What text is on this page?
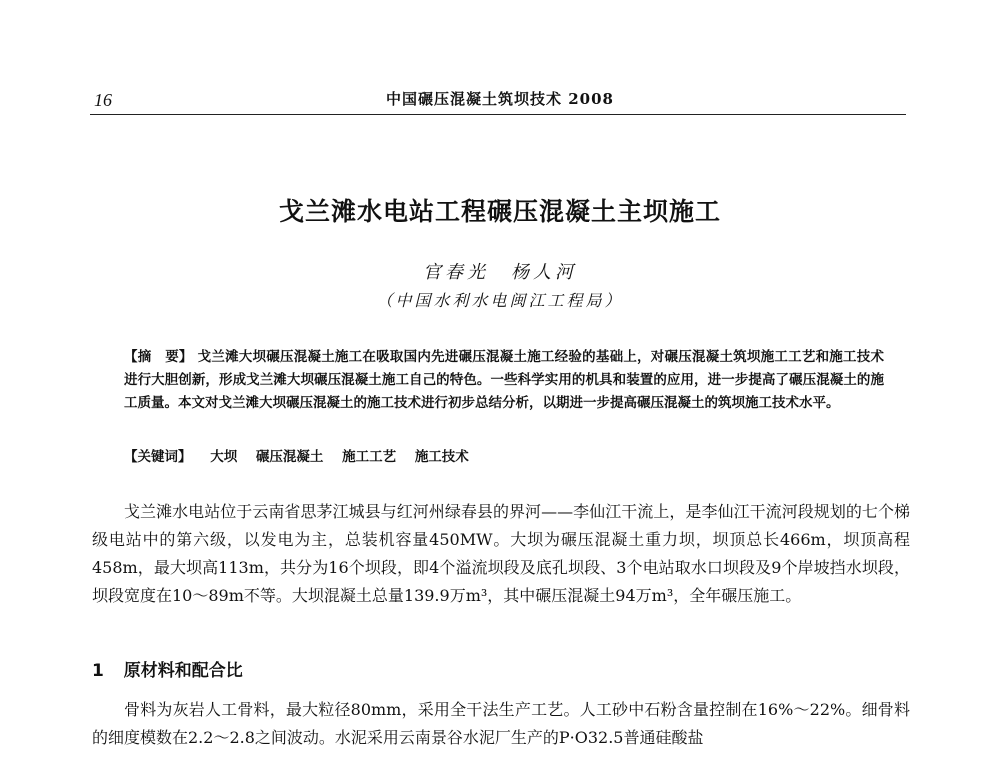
16	中国碾压混凝土筑坝技术 2008
戈兰滩水电站工程碾压混凝土主坝施工
官春光　杨人河
（中国水利水电闽江工程局）
【摘　要】 戈兰滩大坝碾压混凝土施工在吸取国内先进碾压混凝土施工经验的基础上，对碾压混凝土筑坝施工工艺和施工技术进行大胆创新，形成戈兰滩大坝碾压混凝土施工自己的特色。一些科学实用的机具和装置的应用，进一步提高了碾压混凝土的施工质量。本文对戈兰滩大坝碾压混凝土的施工技术进行初步总结分析，以期进一步提高碾压混凝土的筑坝施工技术水平。
【关键词】 大坝 碾压混凝土 施工工艺 施工技术
戈兰滩水电站位于云南省思茅江城县与红河州绿春县的界河——李仙江干流上，是李仙江干流河段规划的七个梯级电站中的第六级，以发电为主，总装机容量450MW。大坝为碾压混凝土重力坝，坝顶总长466m，坝顶高程458m，最大坝高113m，共分为16个坝段，即4个溢流坝段及底孔坝段、3个电站取水口坝段及9个岸坡挡水坝段，坝段宽度在10～89m不等。大坝混凝土总量139.9万m³，其中碾压混凝土94万m³，全年碾压施工。
1 原材料和配合比
骨料为灰岩人工骨料，最大粒径80mm，采用全干法生产工艺。人工砂中石粉含量控制在16%～22%。细骨料的细度模数在2.2～2.8之间波动。水泥采用云南景谷水泥厂生产的P·O32.5普通硅酸盐
